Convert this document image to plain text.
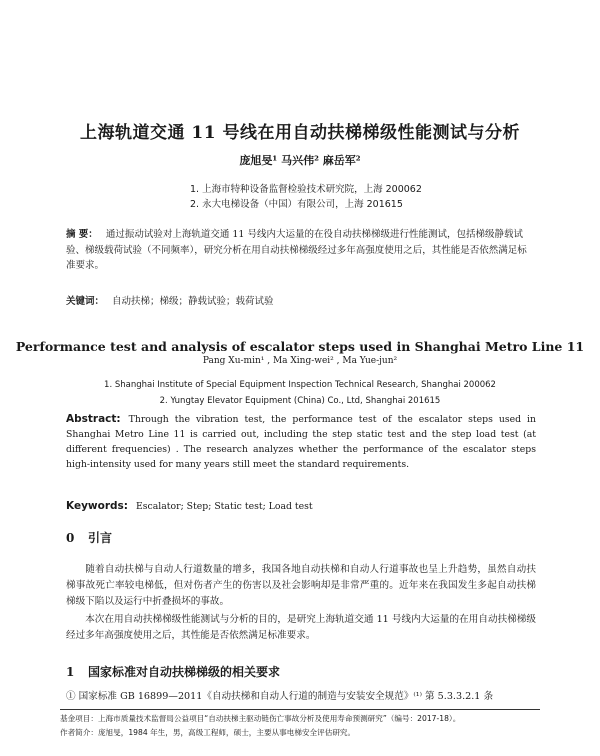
上海轨道交通 11 号线在用自动扶梯梯级性能测试与分析
庞旭旻¹ 马兴伟² 麻岳军²
1. 上海市特种设备监督检验技术研究院，上海 200062
2. 永大电梯设备（中国）有限公司，上海 201615
摘 要： 通过振动试验对上海轨道交通 11 号线内大运量的在役自动扶梯梯级进行性能测试，包括梯级静载试验、梯级载荷试验（不同频率），研究分析在用自动扶梯梯级经过多年高强度使用之后，其性能是否依然满足标准要求。
关键词： 自动扶梯；梯级；静载试验；载荷试验
Performance test and analysis of escalator steps used in Shanghai Metro Line 11
Pang Xu-min¹ , Ma Xing-wei² , Ma Yue-jun²
1. Shanghai Institute of Special Equipment Inspection Technical Research, Shanghai 200062
2. Yungtay Elevator Equipment (China) Co., Ltd, Shanghai 201615
Abstract: Through the vibration test, the performance test of the escalator steps used in Shanghai Metro Line 11 is carried out, including the step static test and the step load test (at different frequencies) . The research analyzes whether the performance of the escalator steps high-intensity used for many years still meet the standard requirements.
Keywords: Escalator; Step; Static test; Load test
0 引言
随着自动扶梯与自动人行道数量的增多，我国各地自动扶梯和自动人行道事故也呈上升趋势，虽然自动扶梯事故死亡率较电梯低，但对伤者产生的伤害以及社会影响却是非常严重的。近年来在我国发生多起自动扶梯梯级下陷以及运行中折叠损坏的事故。
本次在用自动扶梯梯级性能测试与分析的目的，是研究上海轨道交通 11 号线内大运量的在用自动扶梯梯级经过多年高强度使用之后，其性能是否依然满足标准要求。
1 国家标准对自动扶梯梯级的相关要求
① 国家标准 GB 16899—2011《自动扶梯和自动人行道的制造与安装安全规范》⁽¹⁾ 第 5.3.3.2.1 条
基金项目：上海市质量技术监督局公益项目“自动扶梯主驱动链伤亡事故分析及使用寿命预测研究”（编号：2017-18）。
作者简介：庞旭旻，1984 年生，男，高级工程师，硕士，主要从事电梯安全评估研究。
